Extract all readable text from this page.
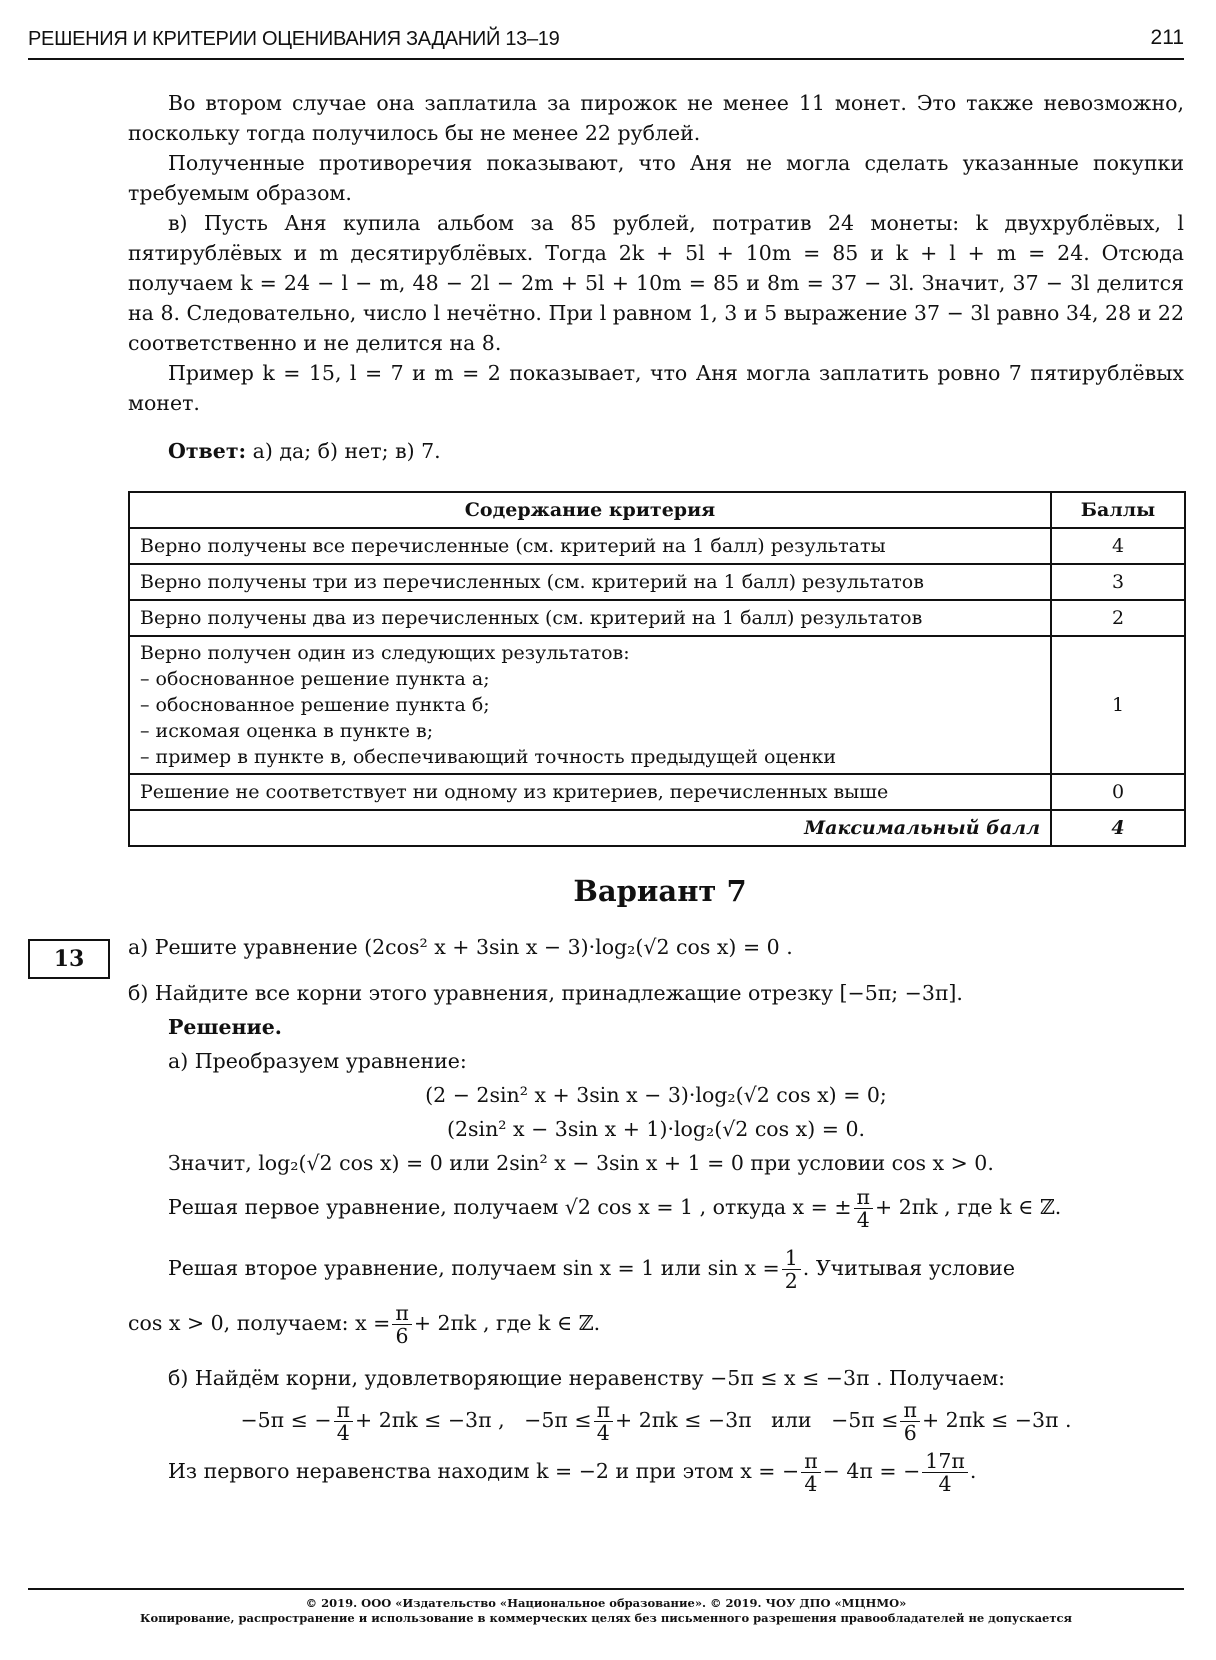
РЕШЕНИЯ И КРИТЕРИИ ОЦЕНИВАНИЯ ЗАДАНИЙ 13–19	211

Во втором случае она заплатила за пирожок не менее 11 монет. Это также невозможно, поскольку тогда получилось бы не менее 22 рублей.

Полученные противоречия показывают, что Аня не могла сделать указанные покупки требуемым образом.

в) Пусть Аня купила альбом за 85 рублей, потратив 24 монеты: k двухрублёвых, l пятирублёвых и m десятирублёвых. Тогда 2k + 5l + 10m = 85 и k + l + m = 24. Отсюда получаем k = 24 − l − m, 48 − 2l − 2m + 5l + 10m = 85 и 8m = 37 − 3l. Значит, 37 − 3l делится на 8. Следовательно, число l нечётно. При l равном 1, 3 и 5 выражение 37 − 3l равно 34, 28 и 22 соответственно и не делится на 8.

Пример k = 15, l = 7 и m = 2 показывает, что Аня могла заплатить ровно 7 пятирублёвых монет.

Ответ: а) да; б) нет; в) 7.

Содержание критерия	Баллы
Верно получены все перечисленные (см. критерий на 1 балл) результаты	4
Верно получены три из перечисленных (см. критерий на 1 балл) результатов	3
Верно получены два из перечисленных (см. критерий на 1 балл) результатов	2

Верно получен один из следующих результатов:
– обоснованное решение пункта а;
– обоснованное решение пункта б;
– искомая оценка в пункте в;
– пример в пункте в, обеспечивающий точность предыдущей оценки	1
Решение не соответствует ни одному из критериев, перечисленных выше	0
Максимальный балл	4
Вариант 7
13	а) Решите уравнение (2cos² x + 3sin x − 3)·log₂(√2 cos x) = 0 .

б) Найдите все корни этого уравнения, принадлежащие отрезку [−5π; −3π].

Решение.

а) Преобразуем уравнение:

(2 − 2sin² x + 3sin x − 3)·log₂(√2 cos x) = 0;

(2sin² x − 3sin x + 1)·log₂(√2 cos x) = 0.

Значит, log₂(√2 cos x) = 0 или 2sin² x − 3sin x + 1 = 0 при условии cos x > 0.

Решая первое уравнение, получаем √2 cos x = 1 , откуда x = ± $\frac{\pi}{4} + 2\pi k$ , где k ∈ ℤ.

Решая второе уравнение, получаем sin x = 1 или $\sin x = \frac{1}{2}$ . Учитывая условие

cos x > 0, получаем: $x = \frac{\pi}{6} + 2\pi k$ , где k ∈ ℤ.

б) Найдём корни, удовлетворяющие неравенству −5π ≤ x ≤ −3π . Получаем:

−5π ≤ − $\frac{\pi}{4} + 2\pi k \le -3\pi$ , $-5\pi \le \frac{\pi}{4} + 2\pi k \le -3\pi$ или $-5\pi \le \frac{\pi}{6} + 2\pi k \le -3\pi$ .

Из первого неравенства находим k = −2 и при этом x = − $\frac{\pi}{4} - 4\pi$ = − $\frac{17\pi}{4}$ .

© 2019. ООО «Издательство «Национальное образование». © 2019. ЧОУ ДПО «МЦНМО»
Копирование, распространение и использование в коммерческих целях без письменного разрешения правообладателей не допускается
